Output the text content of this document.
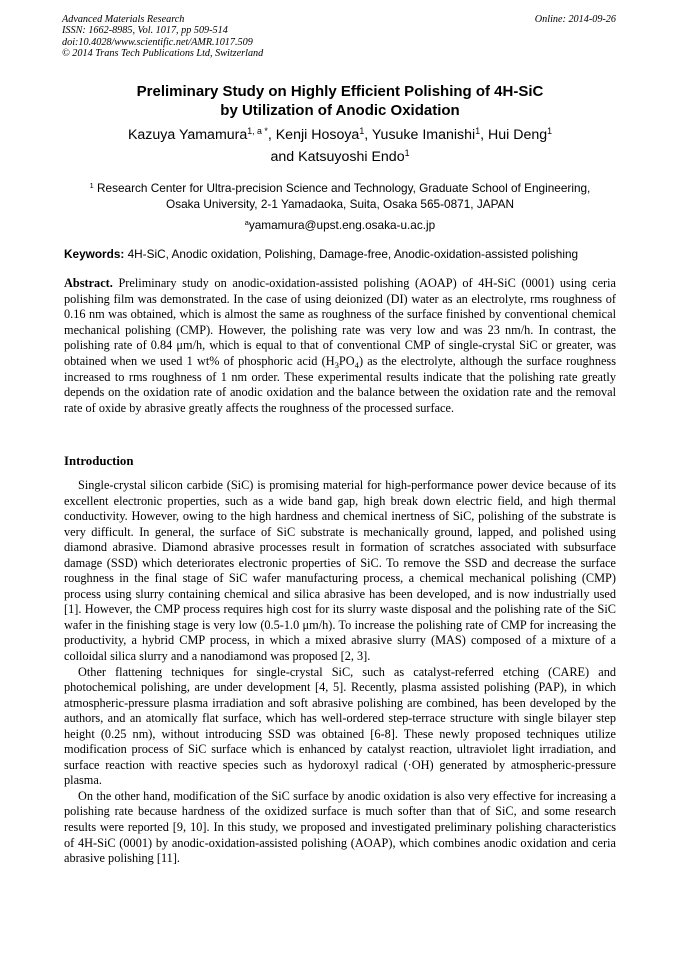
Advanced Materials Research
ISSN: 1662-8985, Vol. 1017, pp 509-514
doi:10.4028/www.scientific.net/AMR.1017.509
© 2014 Trans Tech Publications Ltd, Switzerland
Online: 2014-09-26
Preliminary Study on Highly Efficient Polishing of 4H-SiC
by Utilization of Anodic Oxidation
Kazuya Yamamura$^{1, a *}$, Kenji Hosoya$^1$, Yusuke Imanishi$^1$, Hui Deng$^1$
and Katsuyoshi Endo$^1$
$^1$ Research Center for Ultra-precision Science and Technology, Graduate School of Engineering,
Osaka University, 2-1 Yamadaoka, Suita, Osaka 565-0871, JAPAN
$^a$yamamura@upst.eng.osaka-u.ac.jp
Keywords: 4H-SiC, Anodic oxidation, Polishing, Damage-free, Anodic-oxidation-assisted polishing

Abstract. Preliminary study on anodic-oxidation-assisted polishing (AOAP) of 4H-SiC (0001) using ceria polishing film was demonstrated. In the case of using deionized (DI) water as an electrolyte, rms roughness of 0.16 nm was obtained, which is almost the same as roughness of the surface finished by conventional chemical mechanical polishing (CMP). However, the polishing rate was very low and was 23 nm/h. In contrast, the polishing rate of 0.84 μm/h, which is equal to that of conventional CMP of single-crystal SiC or greater, was obtained when we used 1 wt% of phosphoric acid $(H_3PO_4)$ as the electrolyte, although the surface roughness increased to rms roughness of 1 nm order. These experimental results indicate that the polishing rate greatly depends on the oxidation rate of anodic oxidation and the balance between the oxidation rate and the removal rate of oxide by abrasive greatly affects the roughness of the processed surface.

Introduction

Single-crystal silicon carbide (SiC) is promising material for high-performance power device because of its excellent electronic properties, such as a wide band gap, high break down electric field, and high thermal conductivity. However, owing to the high hardness and chemical inertness of SiC, polishing of the substrate is very difficult. In general, the surface of SiC substrate is mechanically ground, lapped, and polished using diamond abrasive. Diamond abrasive processes result in formation of scratches associated with subsurface damage (SSD) which deteriorates electronic properties of SiC. To remove the SSD and decrease the surface roughness in the final stage of SiC wafer manufacturing process, a chemical mechanical polishing (CMP) process using slurry containing chemical and silica abrasive has been developed, and is now industrially used [1]. However, the CMP process requires high cost for its slurry waste disposal and the polishing rate of the SiC wafer in the finishing stage is very low (0.5-1.0 μm/h). To increase the polishing rate of CMP for increasing the productivity, a hybrid CMP process, in which a mixed abrasive slurry (MAS) composed of a mixture of a colloidal silica slurry and a nanodiamond was proposed [2, 3].

Other flattening techniques for single-crystal SiC, such as catalyst-referred etching (CARE) and photochemical polishing, are under development [4, 5]. Recently, plasma assisted polishing (PAP), in which atmospheric-pressure plasma irradiation and soft abrasive polishing are combined, has been developed by the authors, and an atomically flat surface, which has well-ordered step-terrace structure with single bilayer step height (0.25 nm), without introducing SSD was obtained [6-8]. These newly proposed techniques utilize modification process of SiC surface which is enhanced by catalyst reaction, ultraviolet light irradiation, and surface reaction with reactive species such as hydoroxyl radical (·OH) generated by atmospheric-pressure plasma.

On the other hand, modification of the SiC surface by anodic oxidation is also very effective for increasing a polishing rate because hardness of the oxidized surface is much softer than that of SiC, and some research results were reported [9, 10]. In this study, we proposed and investigated preliminary polishing characteristics of 4H-SiC (0001) by anodic-oxidation-assisted polishing (AOAP), which combines anodic oxidation and ceria abrasive polishing [11].
